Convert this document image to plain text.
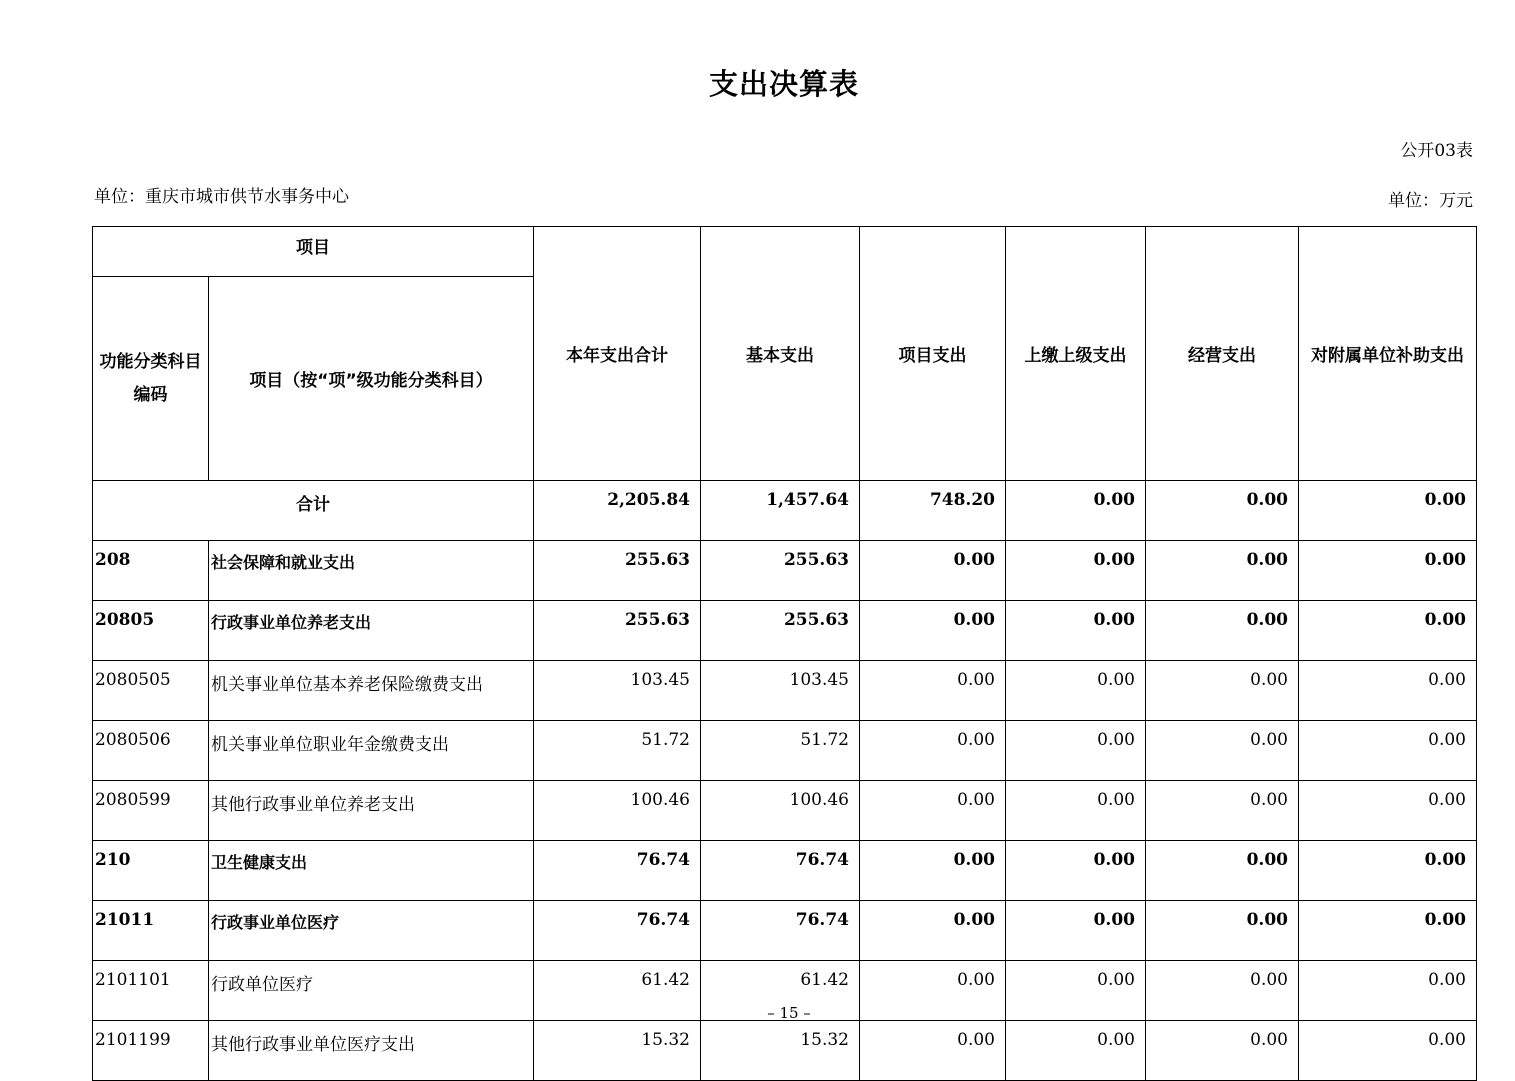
支出决算表
公开03表
单位：重庆市城市供节水事务中心	单位：万元
项目		本年支出合计	基本支出	项目支出	上缴上级支出	经营支出	对附属单位补助支出
功能分类科目编码	项目（按“项”级功能分类科目）						
合计		2,205.84	1,457.64	748.20	0.00	0.00	0.00
208	社会保障和就业支出	255.63	255.63	0.00	0.00	0.00	0.00
20805	行政事业单位养老支出	255.63	255.63	0.00	0.00	0.00	0.00
2080505	机关事业单位基本养老保险缴费支出	103.45	103.45	0.00	0.00	0.00	0.00
2080506	机关事业单位职业年金缴费支出	51.72	51.72	0.00	0.00	0.00	0.00
2080599	其他行政事业单位养老支出	100.46	100.46	0.00	0.00	0.00	0.00
210	卫生健康支出	76.74	76.74	0.00	0.00	0.00	0.00
21011	行政事业单位医疗	76.74	76.74	0.00	0.00	0.00	0.00
2101101	行政单位医疗	61.42	61.42	0.00	0.00	0.00	0.00
2101199	其他行政事业单位医疗支出	15.32	15.32	0.00	0.00	0.00	0.00
– 15 –
